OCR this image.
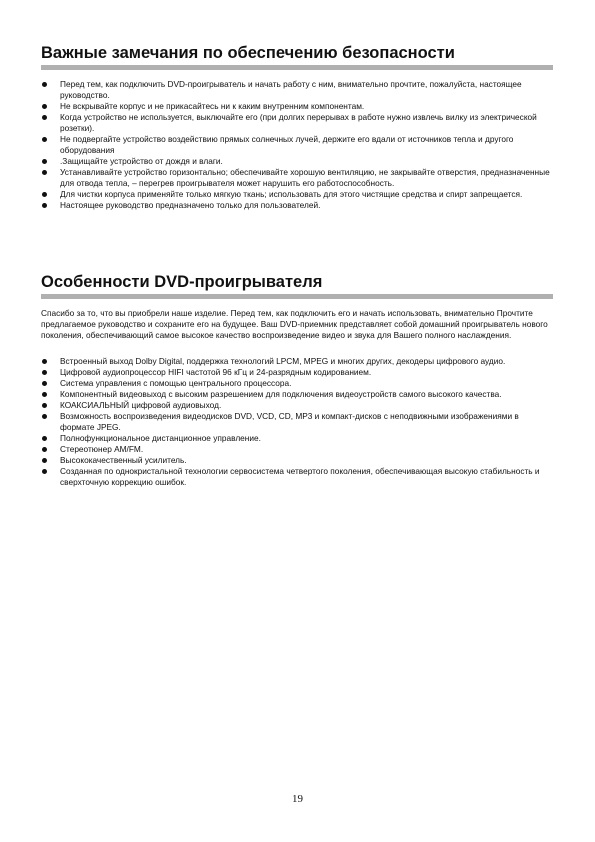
Важные замечания по обеспечению безопасности
Перед тем, как подключить DVD-проигрыватель и начать работу с ним, внимательно прочтите, пожалуйста, настоящее руководство.
Не вскрывайте корпус и не прикасайтесь ни к каким внутренним компонентам.
Когда устройство не используется, выключайте его (при долгих перерывах в работе нужно извлечь вилку из электрической розетки).
Не подвергайте устройство воздействию прямых солнечных лучей, держите его вдали от источников тепла и другого оборудования
.Защищайте устройство от дождя и влаги.
Устанавливайте устройство горизонтально; обеспечивайте хорошую вентиляцию, не закрывайте отверстия, предназначенные для отвода тепла, – перегрев проигрывателя может нарушить его работоспособность.
Для чистки корпуса применяйте только мягкую ткань; использовать для этого чистящие средства и спирт запрещается.
Настоящее руководство предназначено только для пользователей.
Особенности DVD-проигрывателя

Спасибо за то, что вы приобрели наше изделие. Перед тем, как подключить его и начать использовать, внимательно Прочтите предлагаемое руководство и сохраните его на будущее. Ваш DVD-приемник представляет собой домашний проигрыватель нового поколения, обеспечивающий самое высокое качество воспроизведение видео и звука для Вашего полного наслаждения.

Встроенный выход Dolby Digital, поддержка технологий LPCM, MPEG и многих других, декодеры цифрового аудио.
Цифровой аудиопроцессор HIFI частотой 96 кГц и 24-разрядным кодированием.
Система управления с помощью центрального процессора.
Компонентный видеовыход с высоким разрешением для подключения видеоустройств самого высокого качества.
КОАКСИАЛЬНЫЙ цифровой аудиовыход.
Возможность воспроизведения видеодисков DVD, VCD, CD, MP3 и компакт-дисков с неподвижными изображениями в формате JPEG.
Полнофункциональное дистанционное управление.
Стереотюнер AM/FM.
Высококачественный усилитель.
Созданная по однокристальной технологии сервосистема четвертого поколения, обеспечивающая высокую стабильность и сверхточную коррекцию ошибок.
19
